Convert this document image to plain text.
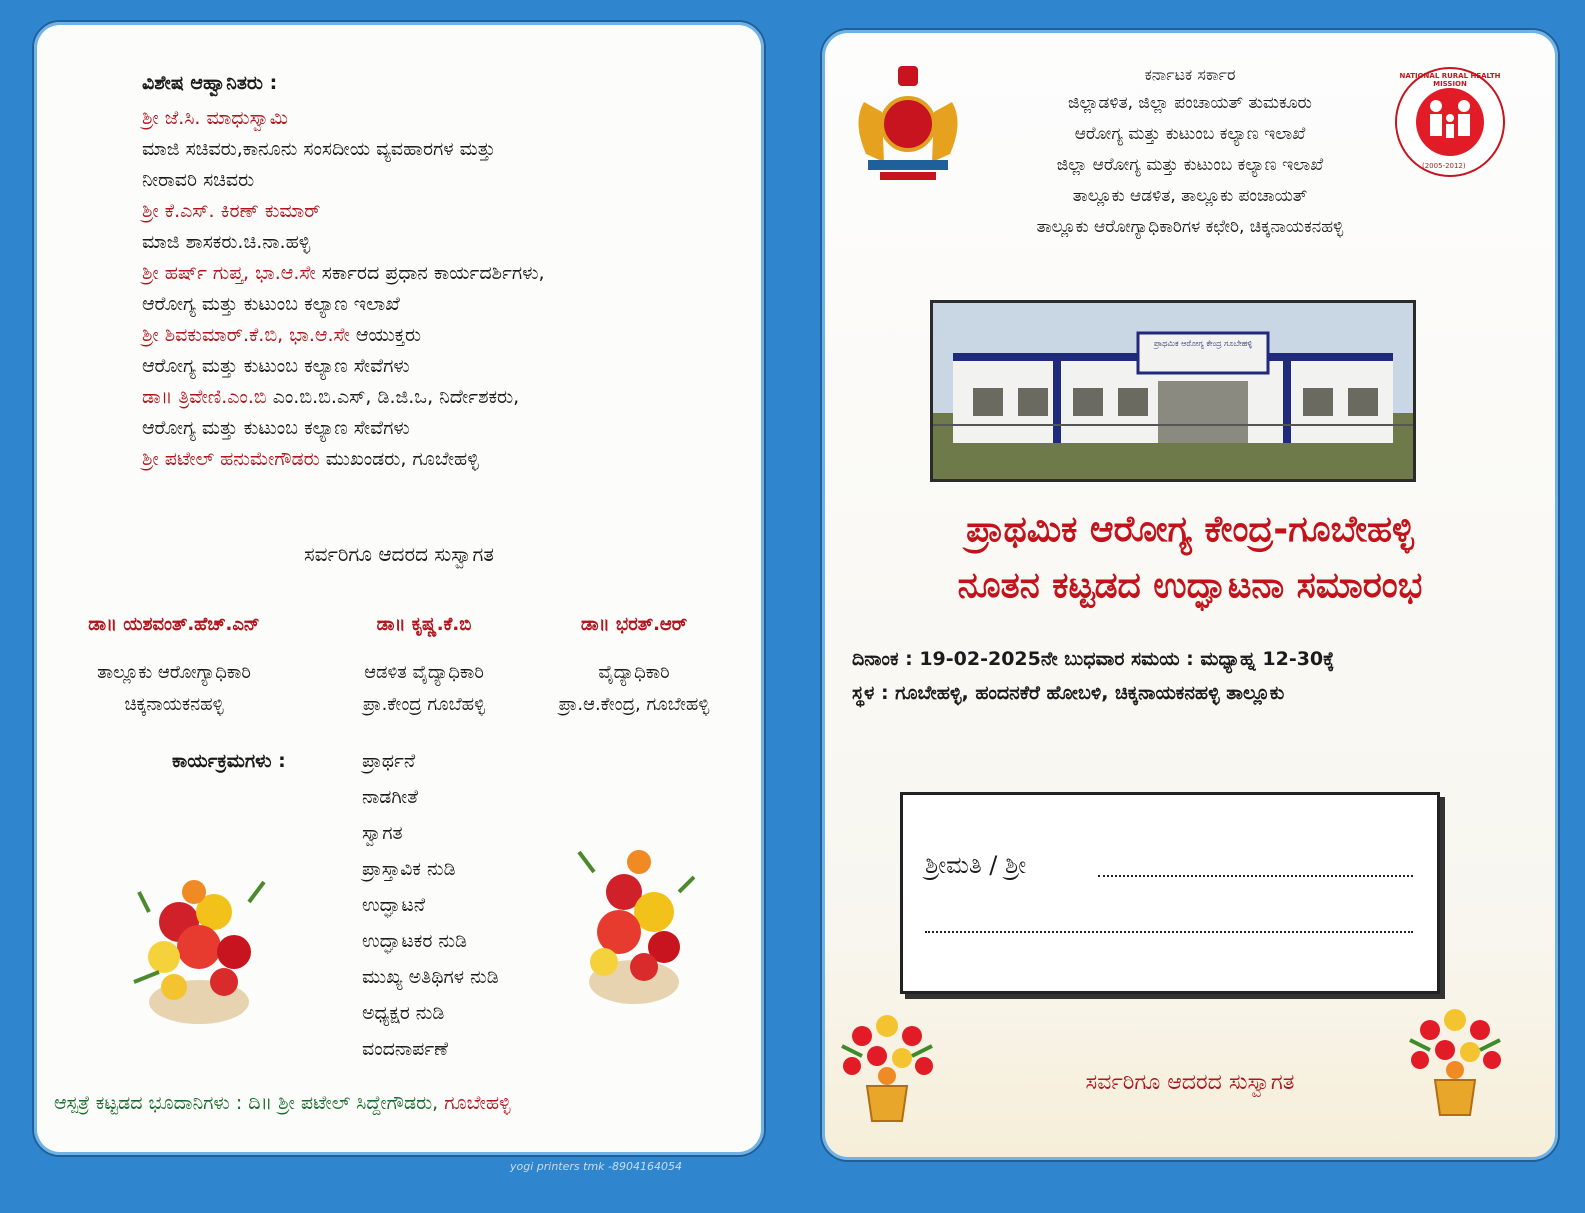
ವಿಶೇಷ ಆಹ್ವಾನಿತರು :
ಶ್ರೀ ಜೆ.ಸಿ. ಮಾಧುಸ್ವಾಮಿ
ಮಾಜಿ ಸಚಿವರು,ಕಾನೂನು ಸಂಸದೀಯ ವ್ಯವಹಾರಗಳ ಮತ್ತು
ನೀರಾವರಿ ಸಚಿವರು
ಶ್ರೀ ಕೆ.ಎಸ್. ಕಿರಣ್ ಕುಮಾರ್
ಮಾಜಿ ಶಾಸಕರು.ಚಿ.ನಾ.ಹಳ್ಳಿ
ಶ್ರೀ ಹರ್ಷ್ ಗುಪ್ತ, ಭಾ.ಆ.ಸೇ ಸರ್ಕಾರದ ಪ್ರಧಾನ ಕಾರ್ಯದರ್ಶಿಗಳು,
ಆರೋಗ್ಯ ಮತ್ತು ಕುಟುಂಬ ಕಲ್ಯಾಣ ಇಲಾಖೆ
ಶ್ರೀ ಶಿವಕುಮಾರ್.ಕೆ.ಬಿ, ಭಾ.ಆ.ಸೇ ಆಯುಕ್ತರು
ಆರೋಗ್ಯ ಮತ್ತು ಕುಟುಂಬ ಕಲ್ಯಾಣ ಸೇವೆಗಳು
ಡಾ॥ ತ್ರಿವೇಣಿ.ಎಂ.ಬಿ ಎಂ.ಬಿ.ಬಿ.ಎಸ್, ಡಿ.ಜಿ.ಒ, ನಿರ್ದೇಶಕರು,
ಆರೋಗ್ಯ ಮತ್ತು ಕುಟುಂಬ ಕಲ್ಯಾಣ ಸೇವೆಗಳು
ಶ್ರೀ ಪಟೇಲ್ ಹನುಮೇಗೌಡರು ಮುಖಂಡರು, ಗೂಬೇಹಳ್ಳಿ
ಸರ್ವರಿಗೂ ಆದರದ ಸುಸ್ವಾಗತ
ಡಾ॥ ಯಶವಂತ್.ಹೆಚ್.ಎನ್
ತಾಲ್ಲೂಕು ಆರೋಗ್ಯಾಧಿಕಾರಿ
ಚಿಕ್ಕನಾಯಕನಹಳ್ಳಿ
ಡಾ॥ ಕೃಷ್ಣ.ಕೆ.ಬಿ
ಆಡಳಿತ ವೈದ್ಯಾಧಿಕಾರಿ
ಪ್ರಾ.ಕೇಂದ್ರ ಗೂಬೆಹಳ್ಳಿ
ಡಾ॥ ಭರತ್.ಆರ್
ವೈದ್ಯಾಧಿಕಾರಿ
ಪ್ರಾ.ಆ.ಕೇಂದ್ರ, ಗೂಬೇಹಳ್ಳಿ
ಕಾರ್ಯಕ್ರಮಗಳು :	ಪ್ರಾರ್ಥನೆ
ನಾಡಗೀತೆ
ಸ್ವಾಗತ
ಪ್ರಾಸ್ತಾವಿಕ ನುಡಿ
ಉದ್ಘಾಟನೆ
ಉದ್ಘಾಟಕರ ನುಡಿ
ಮುಖ್ಯ ಅತಿಥಿಗಳ ನುಡಿ
ಅಧ್ಯಕ್ಷರ ನುಡಿ
ವಂದನಾರ್ಪಣೆ
ಆಸ್ಪತ್ರೆ ಕಟ್ಟಡದ ಭೂದಾನಿಗಳು : ದಿ॥ ಶ್ರೀ ಪಟೇಲ್ ಸಿದ್ದೇಗೌಡರು, ಗೂಬೇಹಳ್ಳಿ
yogi printers tmk -8904164054
ಕರ್ನಾಟಕ ಸರ್ಕಾರ
ಜಿಲ್ಲಾಡಳಿತ, ಜಿಲ್ಲಾ ಪಂಚಾಯತ್ ತುಮಕೂರು
ಆರೋಗ್ಯ ಮತ್ತು ಕುಟುಂಬ ಕಲ್ಯಾಣ ಇಲಾಖೆ
ಜಿಲ್ಲಾ ಆರೋಗ್ಯ ಮತ್ತು ಕುಟುಂಬ ಕಲ್ಯಾಣ ಇಲಾಖೆ
ತಾಲ್ಲೂಕು ಆಡಳಿತ, ತಾಲ್ಲೂಕು ಪಂಚಾಯತ್
ತಾಲ್ಲೂಕು ಆರೋಗ್ಯಾಧಿಕಾರಿಗಳ ಕಛೇರಿ, ಚಿಕ್ಕನಾಯಕನಹಳ್ಳಿ
NATIONAL RURAL HEALTH MISSION
(2005-2012)
ಪ್ರಾಥಮಿಕ ಆರೋಗ್ಯ ಕೇಂದ್ರ ಗೂಬೇಹಳ್ಳಿ
ಪ್ರಾಥಮಿಕ ಆರೋಗ್ಯ ಕೇಂದ್ರ-ಗೂಬೇಹಳ್ಳಿ
ನೂತನ ಕಟ್ಟಡದ ಉದ್ಘಾಟನಾ ಸಮಾರಂಭ
ದಿನಾಂಕ : 19-02-2025ನೇ ಬುಧವಾರ ಸಮಯ : ಮಧ್ಯಾಹ್ನ 12-30ಕ್ಕೆ
ಸ್ಥಳ : ಗೂಬೇಹಳ್ಳಿ, ಹಂದನಕೆರೆ ಹೋಬಳಿ, ಚಿಕ್ಕನಾಯಕನಹಳ್ಳಿ ತಾಲ್ಲೂಕು
ಶ್ರೀಮತಿ / ಶ್ರೀ
ಸರ್ವರಿಗೂ ಆದರದ ಸುಸ್ವಾಗತ
